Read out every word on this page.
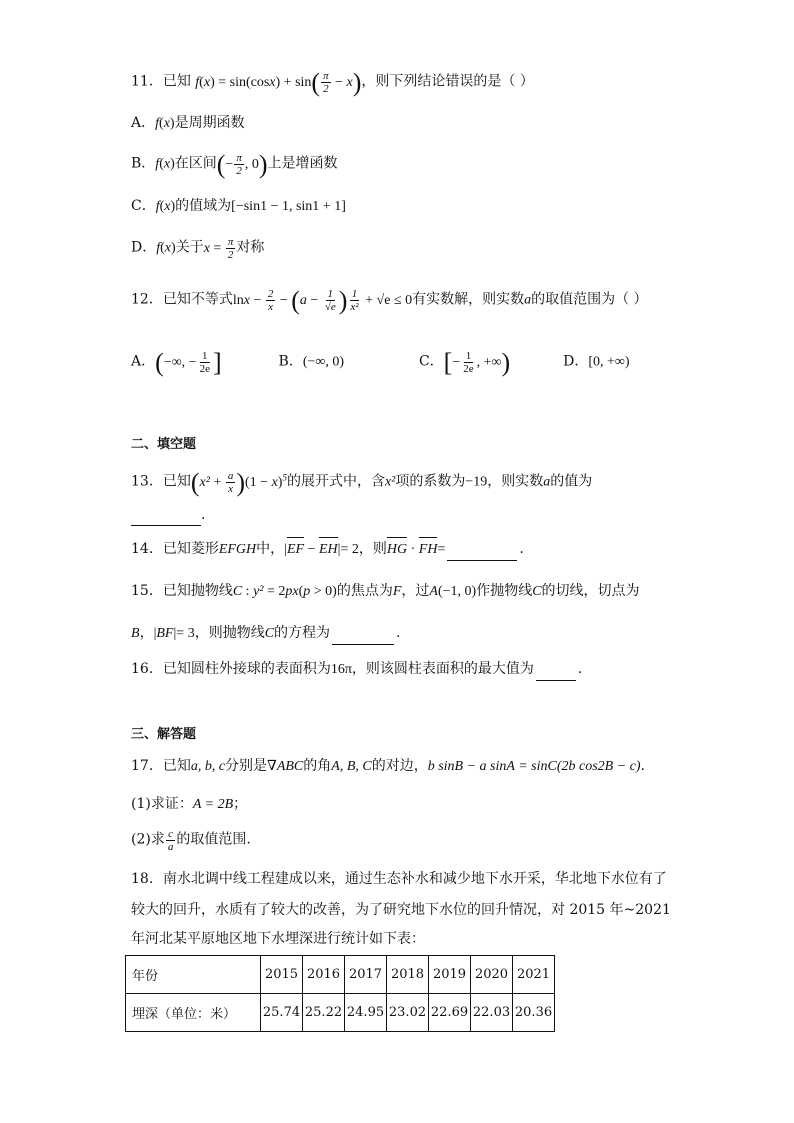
11．已知 $f(x) = \sin(\cos x) + \sin( \frac{\pi}{2} - x)$，则下列结论错误的是（ ）
A．f(x)是周期函数
B．f(x)在区间(− $\frac{\pi}{2}$ , 0)上是增函数
C．f(x)的值域为[−sin1 − 1, sin1 + 1]
D．f(x)关于$x = \frac{\pi}{2}$ 对称
12．已知不等式$\ln x - \frac{2}{x} - (a - \frac{1}{√e}$ ) $\frac{1}{\text{x²}} + √e \le 0$有实数解，则实数a的取值范围为（ ）
A．(−∞, − $\frac{1}{2e}$ ]	B．(−∞, 0)	C．[− $\frac{1}{2e}$ , +∞)	D．[0, +∞)
二、填空题
13．已知$(x^2 + \frac{a}{x} )(1 - x)^5$的展开式中，含x²项的系数为−19，则实数a的值为
.
14．已知菱形EFGH中，|EF − EH|= 2，则HG · FH=	.
15．已知抛物线C : y² = 2px(p > 0)的焦点为F，过A(−1, 0)作抛物线C的切线，切点为
B，|BF|= 3，则抛物线C的方程为	.
16．已知圆柱外接球的表面积为16π，则该圆柱表面积的最大值为	.
三、解答题
17．已知a, b, c分别是∇ABC的角A, B, C的对边，b sinB − a sinA = sinC(2b cos2B − c).
(1)求证：A = 2B；
(2)求 $\frac{c}{a}$ 的取值范围.
18．南水北调中线工程建成以来，通过生态补水和减少地下水开采，华北地下水位有了
较大的回升，水质有了较大的改善，为了研究地下水位的回升情况，对 2015 年~2021
年河北某平原地区地下水埋深进行统计如下表：
年份	2015	2016	2017	2018	2019	2020	2021
埋深（单位：米）	25.74	25.22	24.95	23.02	22.69	22.03	20.36
